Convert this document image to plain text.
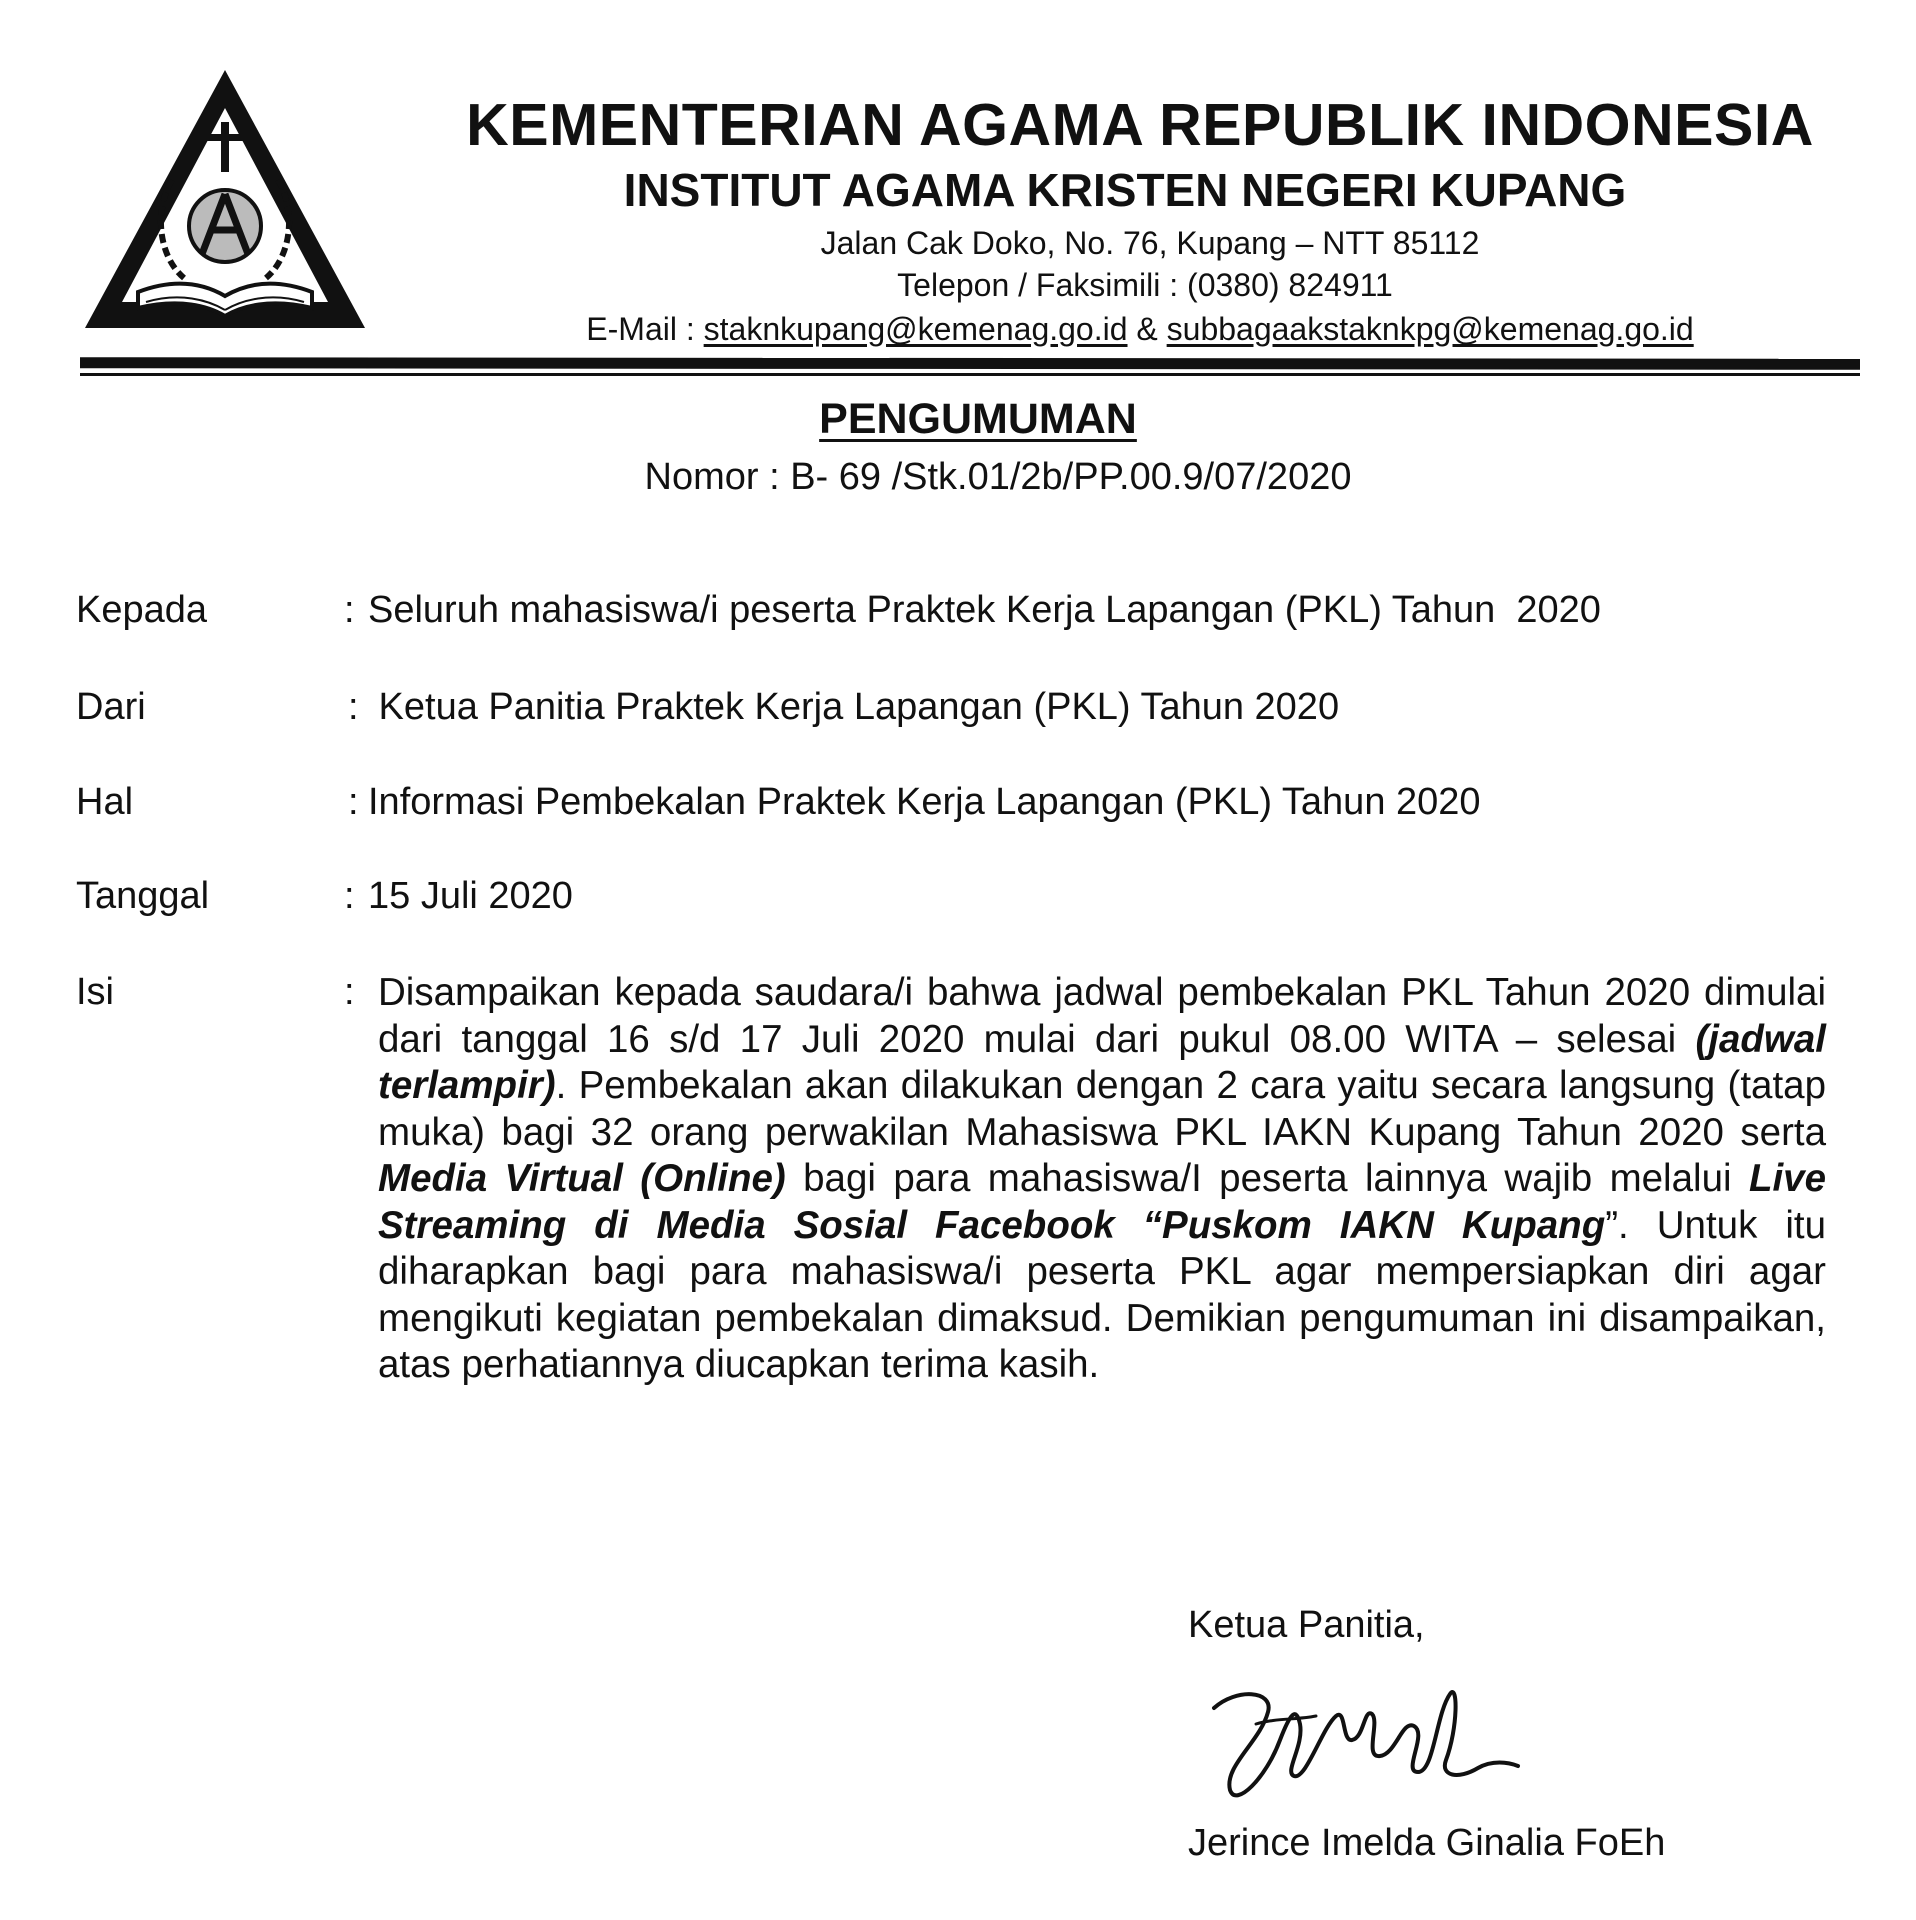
KEMENTERIAN AGAMA REPUBLIK INDONESIA
INSTITUT AGAMA KRISTEN NEGERI KUPANG
Jalan Cak Doko, No. 76, Kupang – NTT 85112
Telepon / Faksimili : (0380) 824911
E-Mail : staknkupang@kemenag.go.id & subbagaakstaknkpg@kemenag.go.id
PENGUMUMAN
Nomor : B- 69 /Stk.01/2b/PP.00.9/07/2020
Kepada	: Seluruh mahasiswa/i peserta Praktek Kerja Lapangan (PKL) Tahun  2020
Dari	: Ketua Panitia Praktek Kerja Lapangan (PKL) Tahun 2020
Hal	: Informasi Pembekalan Praktek Kerja Lapangan (PKL) Tahun 2020
Tanggal	: 15 Juli 2020
Isi	: Disampaikan kepada saudara/i bahwa jadwal pembekalan PKL Tahun 2020 dimulai dari tanggal 16 s/d 17 Juli 2020 mulai dari pukul 08.00 WITA – selesai (jadwal terlampir). Pembekalan akan dilakukan dengan 2 cara yaitu secara langsung (tatap muka) bagi 32 orang perwakilan Mahasiswa PKL IAKN Kupang Tahun 2020 serta Media Virtual (Online) bagi para mahasiswa/I peserta lainnya wajib melalui Live Streaming di Media Sosial Facebook “Puskom IAKN Kupang”. Untuk itu diharapkan bagi para mahasiswa/i peserta PKL agar mempersiapkan diri agar mengikuti kegiatan pembekalan dimaksud. Demikian pengumuman ini disampaikan, atas perhatiannya diucapkan terima kasih.
Ketua Panitia,
Jerince Imelda Ginalia FoEh
